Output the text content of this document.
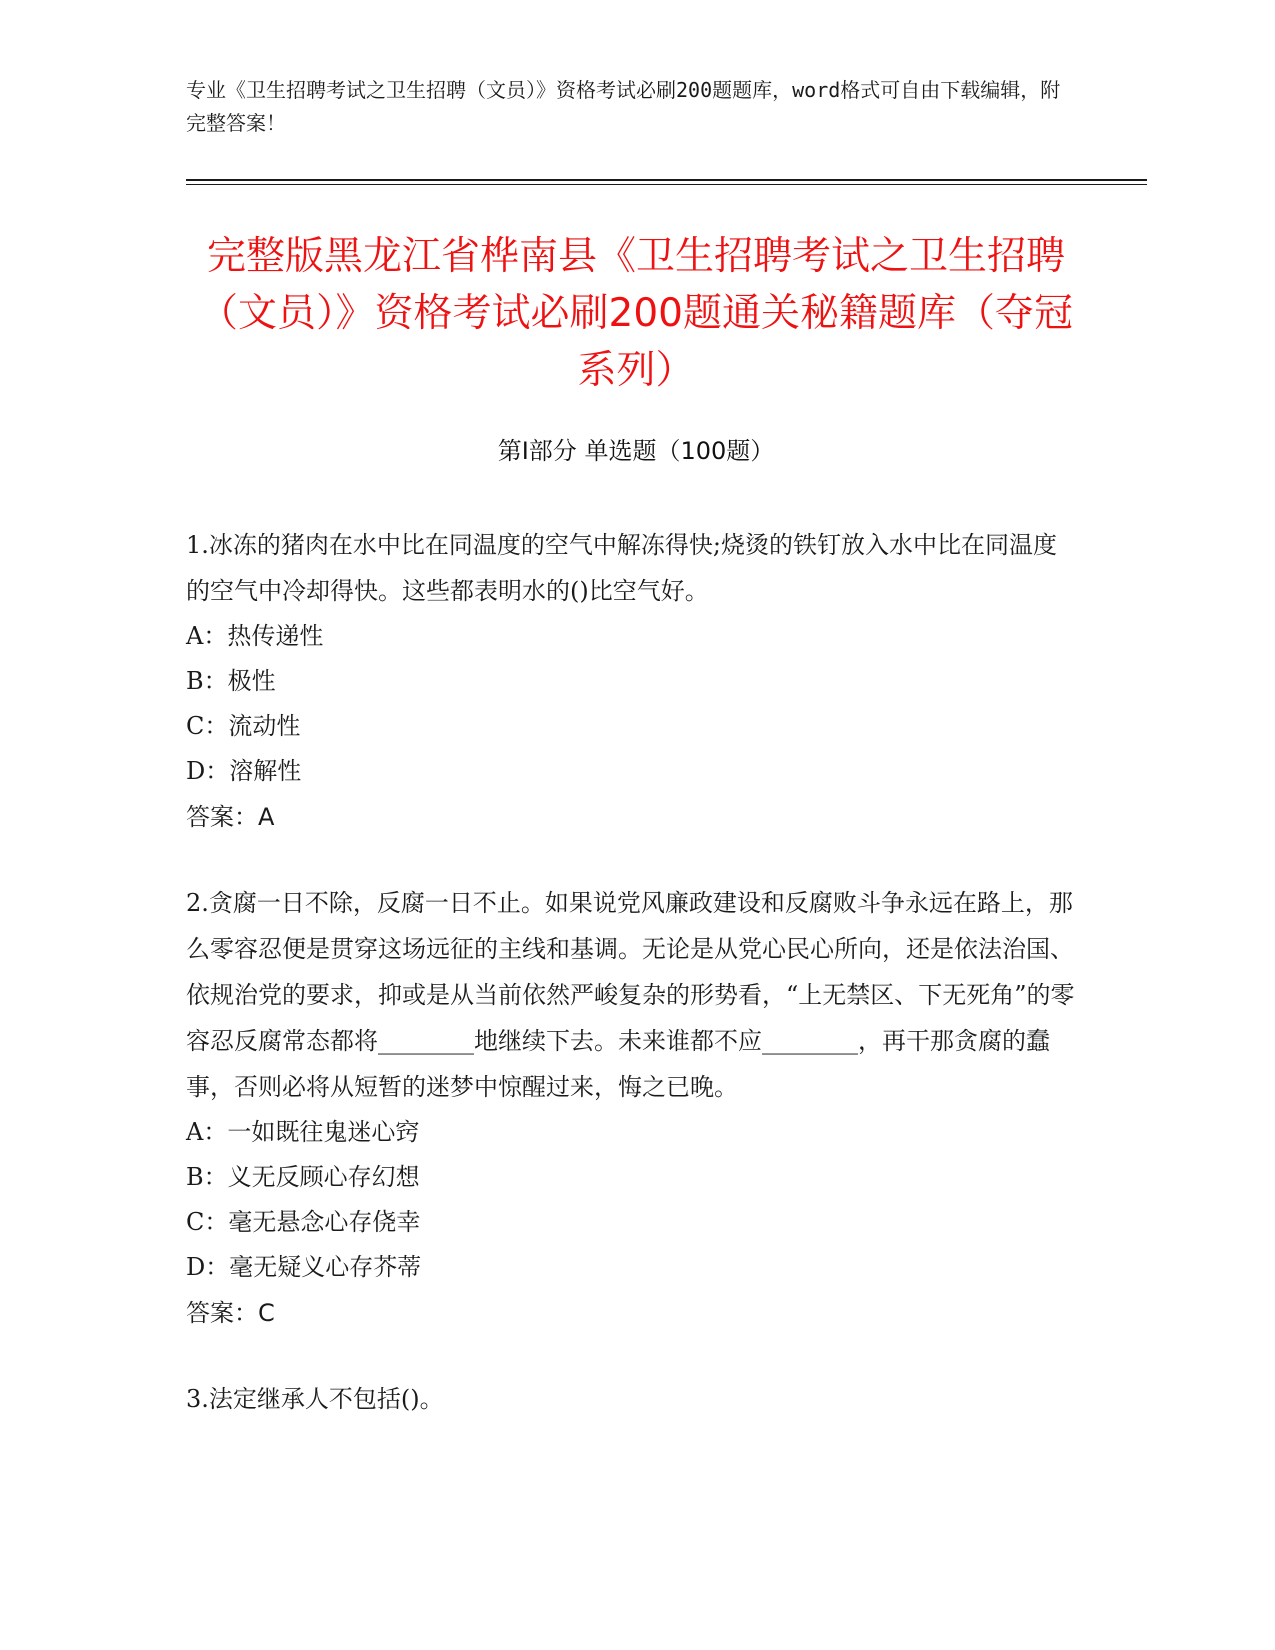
专业《卫生招聘考试之卫生招聘（文员）》资格考试必刷200题题库，word格式可自由下载编辑，附完整答案！
完整版黑龙江省桦南县《卫生招聘考试之卫生招聘（文员）》资格考试必刷200题通关秘籍题库（夺冠系列）
第Ⅰ部分 单选题（100题）

1.冰冻的猪肉在水中比在同温度的空气中解冻得快;烧烫的铁钉放入水中比在同温度的空气中冷却得快。这些都表明水的()比空气好。

A：热传递性

B：极性

C：流动性

D：溶解性

答案：A

2.贪腐一日不除，反腐一日不止。如果说党风廉政建设和反腐败斗争永远在路上，那么零容忍便是贯穿这场远征的主线和基调。无论是从党心民心所向，还是依法治国、依规治党的要求，抑或是从当前依然严峻复杂的形势看，“上无禁区、下无死角”的零容忍反腐常态都将________地继续下去。未来谁都不应________，再干那贪腐的蠢事，否则必将从短暂的迷梦中惊醒过来，悔之已晚。

A：一如既往鬼迷心窍

B：义无反顾心存幻想

C：毫无悬念心存侥幸

D：毫无疑义心存芥蒂

答案：C

3.法定继承人不包括()。
